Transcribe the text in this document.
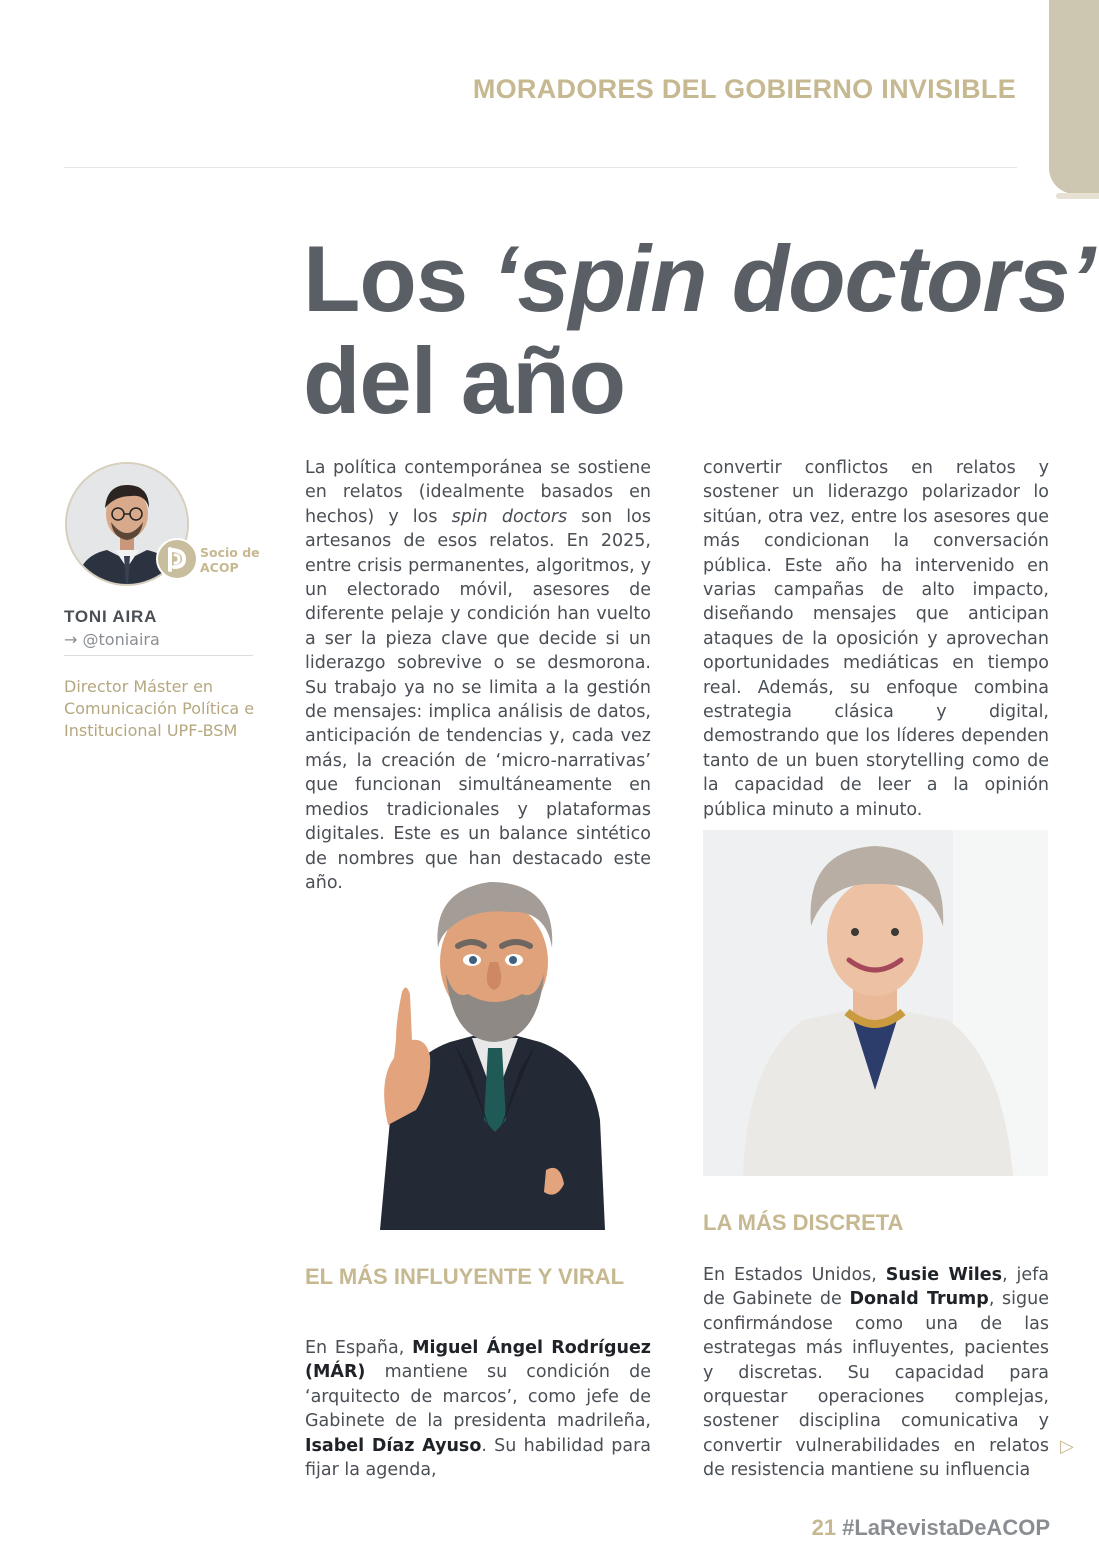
MORADORES DEL GOBIERNO INVISIBLE
Los ‘spin doctors’
del año
Socio de ACOP
TONI AIRA
→ @toniaira
Director Máster en Comunicación Política e Institucional UPF-BSM
La política contemporánea se sostiene en relatos (idealmente basados en hechos) y los spin doctors son los artesanos de esos relatos. En 2025, entre crisis permanentes, algoritmos, y un electorado móvil, asesores de diferente pelaje y condición han vuelto a ser la pieza clave que decide si un liderazgo sobrevive o se desmorona. Su trabajo ya no se limita a la gestión de mensajes: implica análisis de datos, anticipación de tendencias y, cada vez más, la creación de ‘micro-narrativas’ que funcionan simultáneamente en medios tradicionales y plataformas digitales. Este es un balance sintético de nombres que han destacado este año.
convertir conflictos en relatos y sostener un liderazgo polarizador lo sitúan, otra vez, entre los asesores que más condicionan la conversación pública. Este año ha intervenido en varias campañas de alto impacto, diseñando mensajes que anticipan ataques de la oposición y aprovechan oportunidades mediáticas en tiempo real. Además, su enfoque combina estrategia clásica y digital, demostrando que los líderes dependen tanto de un buen storytelling como de la capacidad de leer a la opinión pública minuto a minuto.
EL MÁS INFLUYENTE Y VIRAL
En España, Miguel Ángel Rodríguez (MÁR) mantiene su condición de ‘arquitecto de marcos’, como jefe de Gabinete de la presidenta madrileña, Isabel Díaz Ayuso. Su habilidad para fijar la agenda,
LA MÁS DISCRETA
En Estados Unidos, Susie Wiles, jefa de Gabinete de Donald Trump, sigue confirmándose como una de las estrategas más influyentes, pacientes y discretas. Su capacidad para orquestar operaciones complejas, sostener disciplina comunicativa y convertir vulnerabilidades en relatos de resistencia mantiene su influencia
▷
21 #LaRevistaDeACOP
